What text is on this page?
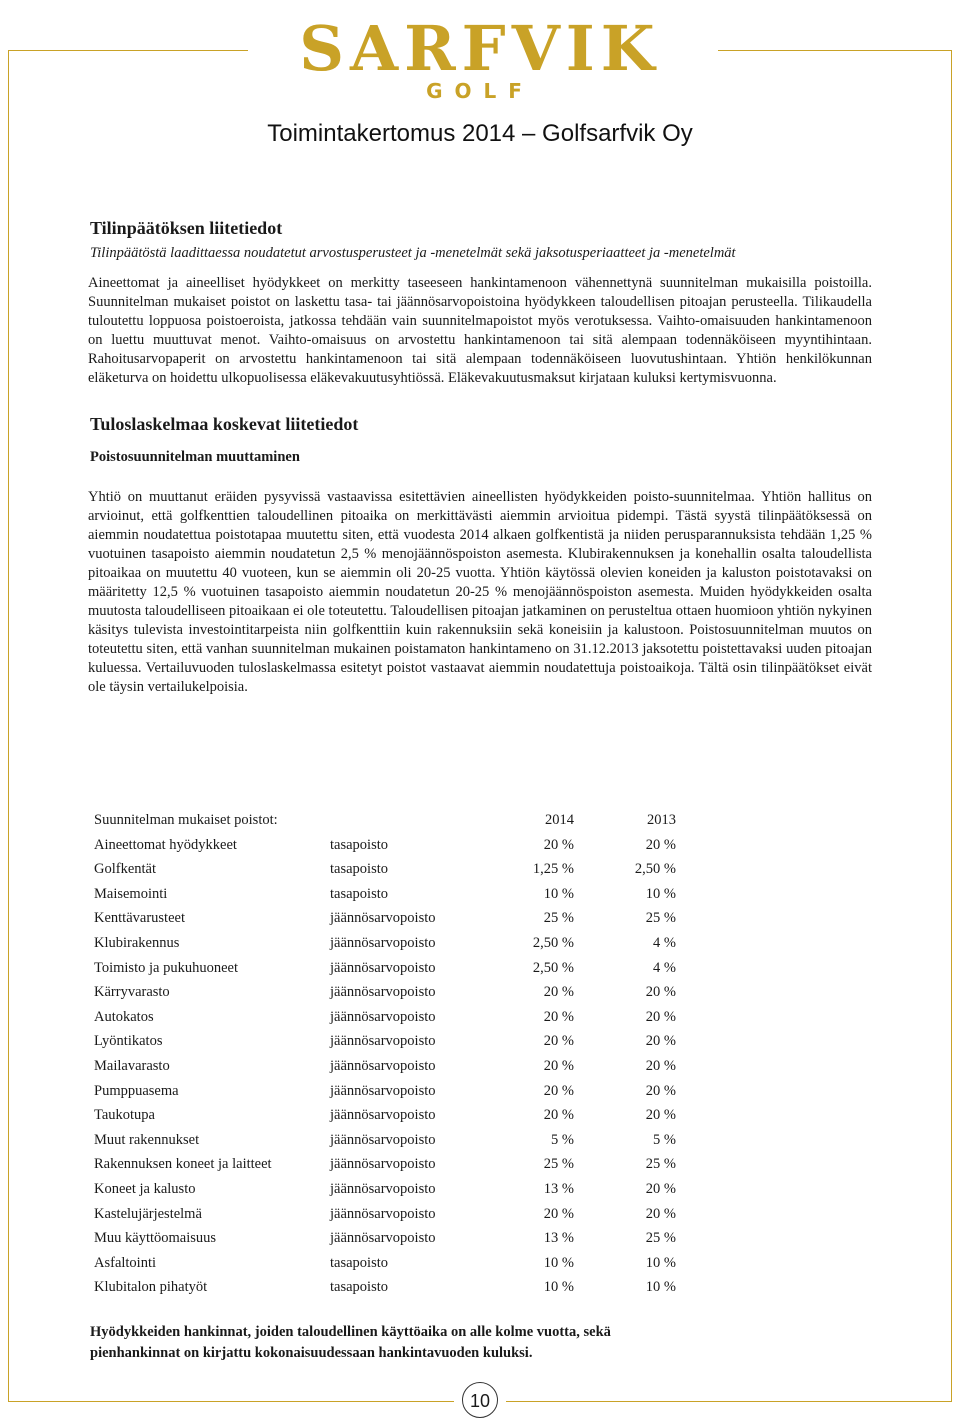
SARFVIK
GOLF
Toimintakertomus 2014 – Golfsarfvik Oy
Tilinpäätöksen liitetiedot
Tilinpäätöstä laadittaessa noudatetut arvostusperusteet ja -menetelmät sekä jaksotusperiaatteet ja -menetelmät

Aineettomat ja aineelliset hyödykkeet on merkitty taseeseen hankintamenoon vähennettynä suunnitelman mukaisilla poistoilla. Suunnitelman mukaiset poistot on laskettu tasa- tai jäännösarvopoistoina hyödykkeen taloudellisen pitoajan perusteella. Tilikaudella tuloutettu loppuosa poistoeroista, jatkossa tehdään vain suunnitelmapoistot myös verotuksessa. Vaihto-omaisuuden hankintamenoon on luettu muuttuvat menot. Vaihto-omaisuus on arvostettu hankintamenoon tai sitä alempaan todennäköiseen myyntihintaan. Rahoitusarvopaperit on arvostettu hankintamenoon tai sitä alempaan todennäköiseen luovutushintaan. Yhtiön henkilökunnan eläketurva on hoidettu ulkopuolisessa eläkevakuutusyhtiössä. Eläkevakuutusmaksut kirjataan kuluksi kertymisvuonna.

Tuloslaskelmaa koskevat liitetiedot
Poistosuunnitelman muuttaminen

Yhtiö on muuttanut eräiden pysyvissä vastaavissa esitettävien aineellisten hyödykkeiden poisto-suunnitelmaa. Yhtiön hallitus on arvioinut, että golfkenttien taloudellinen pitoaika on merkittävästi aiemmin arvioitua pidempi. Tästä syystä tilinpäätöksessä on aiemmin noudatettua poistotapaa muutettu siten, että vuodesta 2014 alkaen golfkentistä ja niiden perusparannuksista tehdään 1,25 % vuotuinen tasapoisto aiemmin noudatetun 2,5 % menojäännöspoiston asemesta. Klubirakennuksen ja konehallin osalta taloudellista pitoaikaa on muutettu 40 vuoteen, kun se aiemmin oli 20-25 vuotta. Yhtiön käytössä olevien koneiden ja kaluston poistotavaksi on määritetty 12,5 % vuotuinen tasapoisto aiemmin noudatetun 20-25 % menojäännöspoiston asemesta. Muiden hyödykkeiden osalta muutosta taloudelliseen pitoaikaan ei ole toteutettu. Taloudellisen pitoajan jatkaminen on perusteltua ottaen huomioon yhtiön nykyinen käsitys tulevista investointitarpeista niin golfkenttiin kuin rakennuksiin sekä koneisiin ja kalustoon. Poistosuunnitelman muutos on toteutettu siten, että vanhan suunnitelman mukainen poistamaton hankintameno on 31.12.2013 jaksotettu poistettavaksi uuden pitoajan kuluessa. Vertailuvuoden tuloslaskelmassa esitetyt poistot vastaavat aiemmin noudatettuja poistoaikoja. Tältä osin tilinpäätökset eivät ole täysin vertailukelpoisia.

Suunnitelman mukaiset poistot:	2014	2013
Aineettomat hyödykkeet	tasapoisto	20 %	20 %
Golfkentät	tasapoisto	1,25 %	2,50 %
Maisemointi	tasapoisto	10 %	10 %
Kenttävarusteet	jäännösarvopoisto	25 %	25 %
Klubirakennus	jäännösarvopoisto	2,50 %	4 %
Toimisto ja pukuhuoneet	jäännösarvopoisto	2,50 %	4 %
Kärryvarasto	jäännösarvopoisto	20 %	20 %
Autokatos	jäännösarvopoisto	20 %	20 %
Lyöntikatos	jäännösarvopoisto	20 %	20 %
Mailavarasto	jäännösarvopoisto	20 %	20 %
Pumppuasema	jäännösarvopoisto	20 %	20 %
Taukotupa	jäännösarvopoisto	20 %	20 %
Muut rakennukset	jäännösarvopoisto	5 %	5 %
Rakennuksen koneet ja laitteet	jäännösarvopoisto	25 %	25 %
Koneet ja kalusto	jäännösarvopoisto	13 %	20 %
Kastelujärjestelmä	jäännösarvopoisto	20 %	20 %
Muu käyttöomaisuus	jäännösarvopoisto	13 %	25 %
Asfaltointi	tasapoisto	10 %	10 %
Klubitalon pihatyöt	tasapoisto	10 %	10 %
Hyödykkeiden hankinnat, joiden taloudellinen käyttöaika on alle kolme vuotta, sekä pienhankinnat on kirjattu kokonaisuudessaan hankintavuoden kuluksi.
10
